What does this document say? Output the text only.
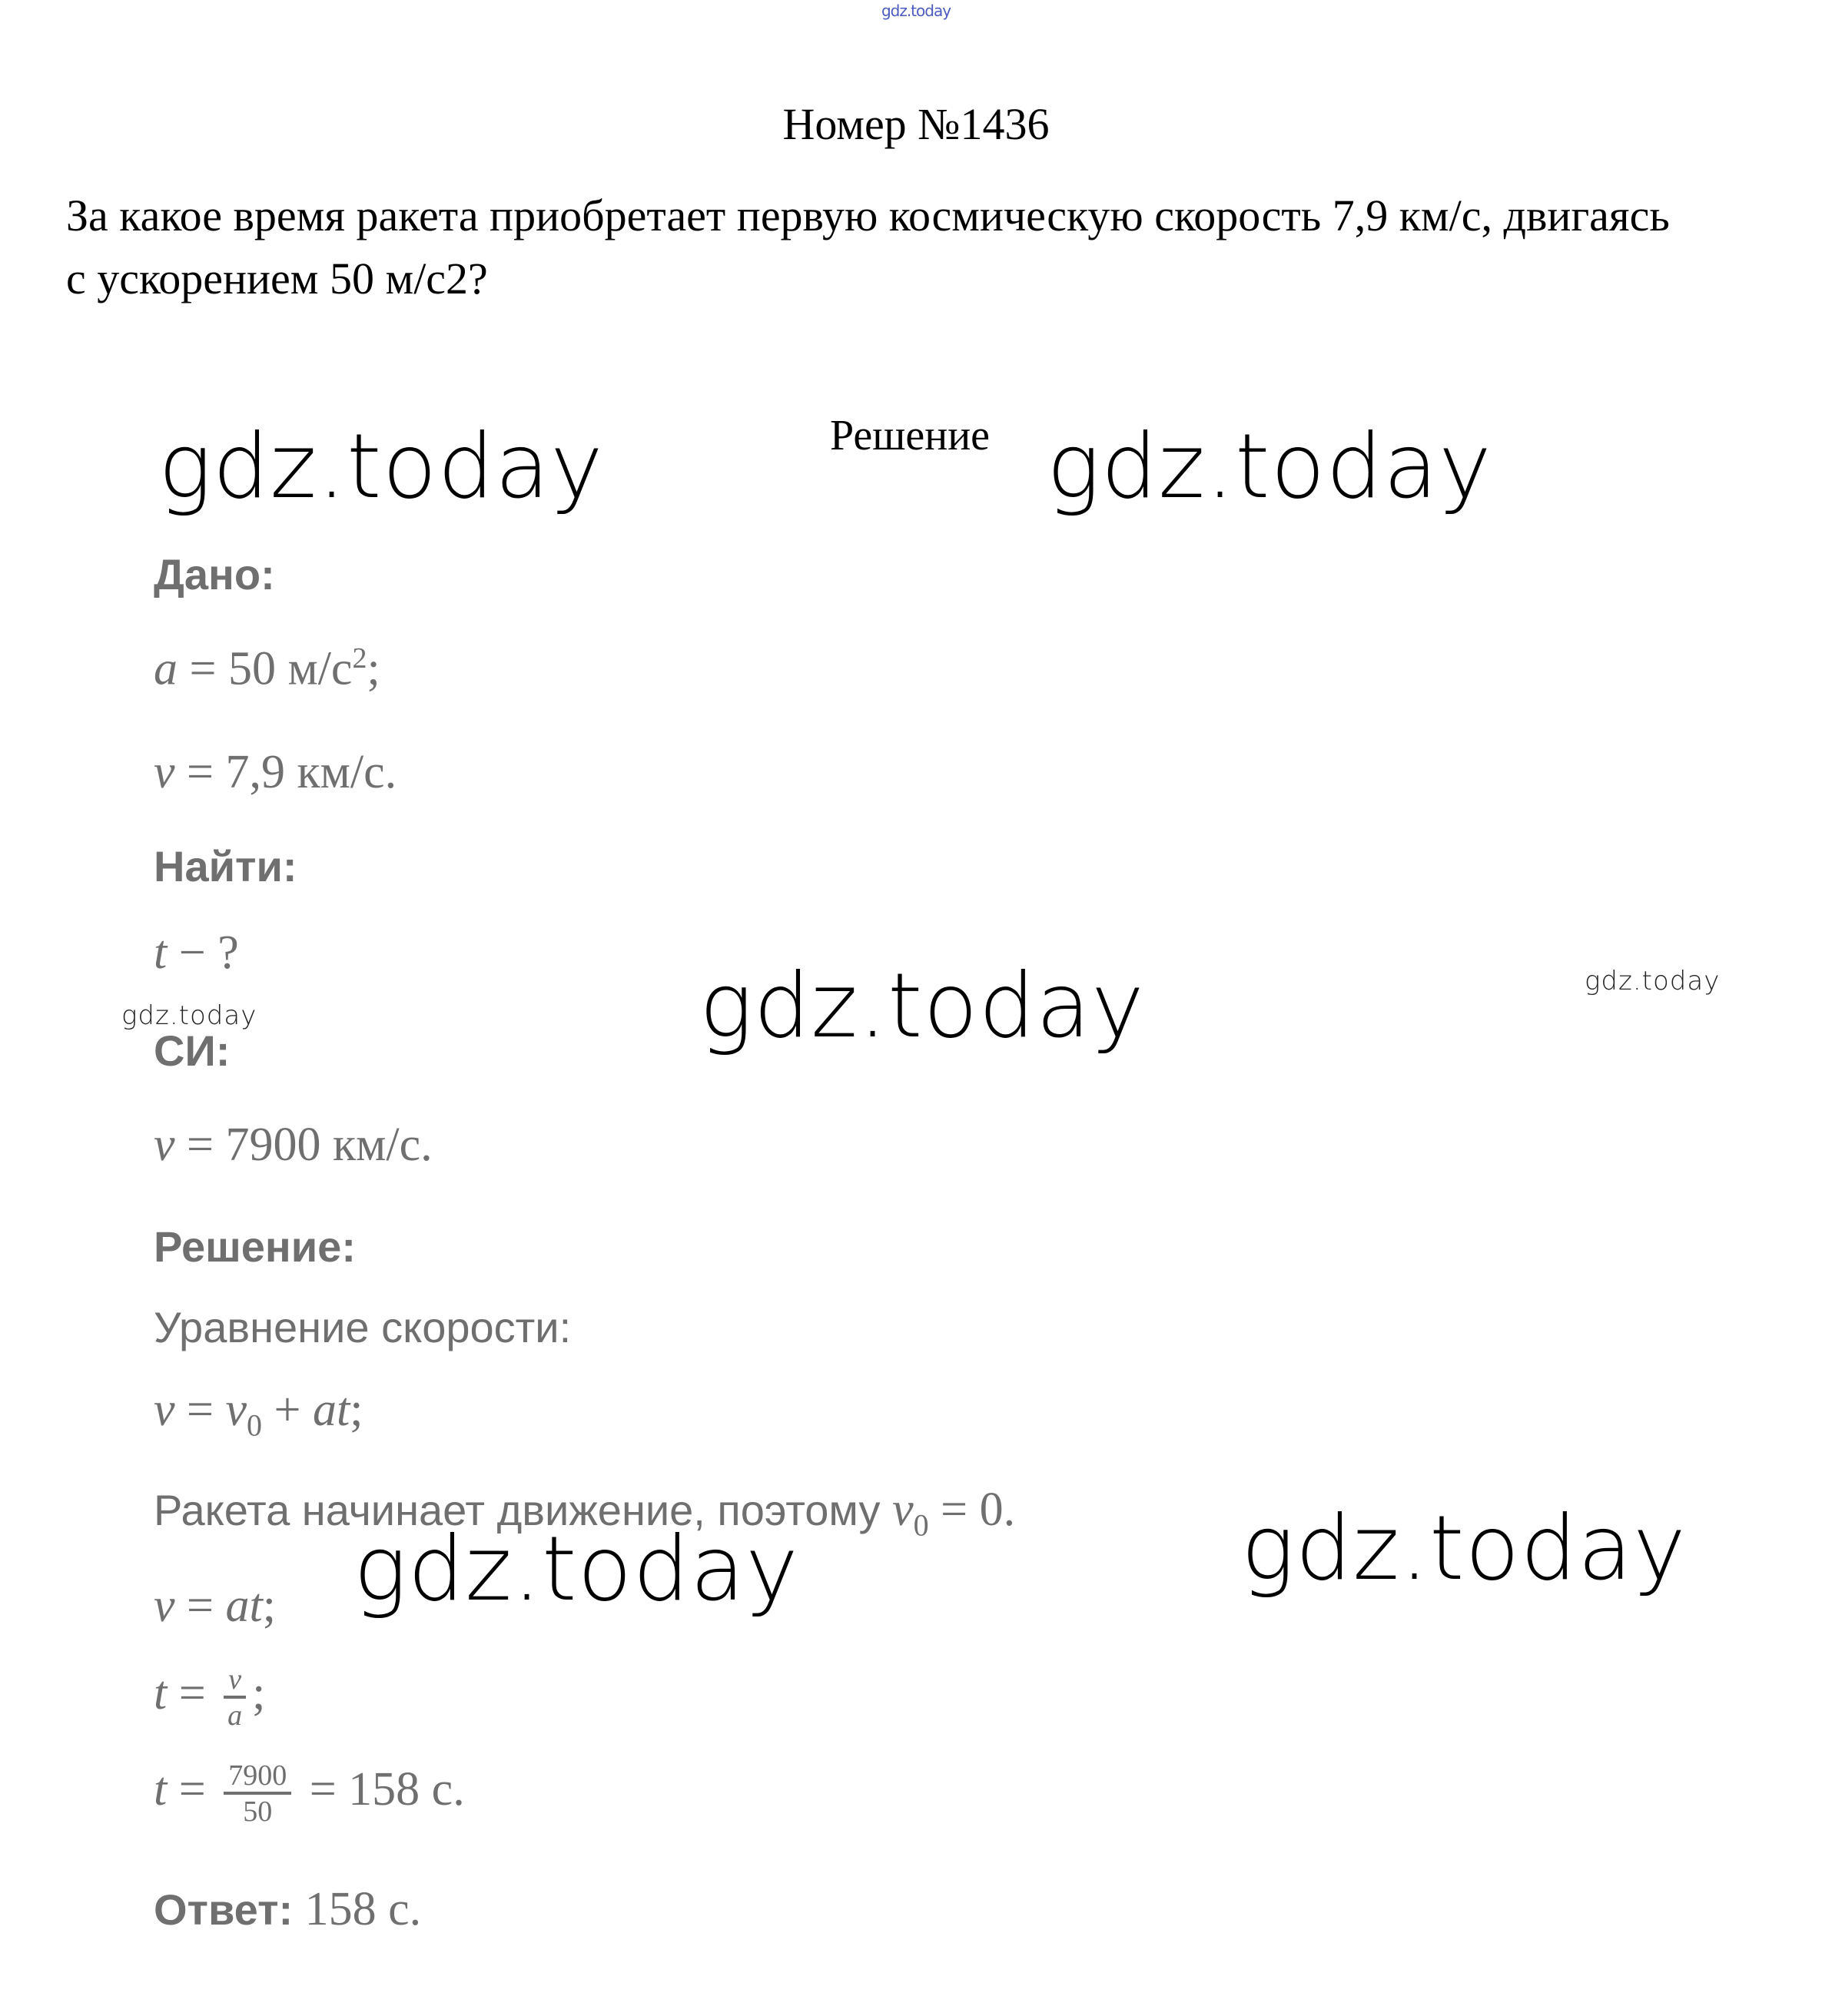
gdz.today
Номер №1436
За какое время ракета приобретает первую космическую скорость 7,9 км/с, двигаясь
с ускорением 50 м/с2?
Решение
gdz.today	gdz.today
gdz.today
gdz.today	gdz.today
gdz.today
gdz.today
Дано:
a = 50 $м/с^2$;
v = 7,9 км/с.
Найти:
t − ?
СИ:
v = 7900 км/с.
Решение:
Уравнение скорости:
$v = v_0$ + at;
Ракета начинает движение, поэтому $v_0 = 0$.
v = at;
$t = \frac{v}{a}$ ;
$t = \frac{7900}{50} = 158$ с.
Ответ: 158 с.
